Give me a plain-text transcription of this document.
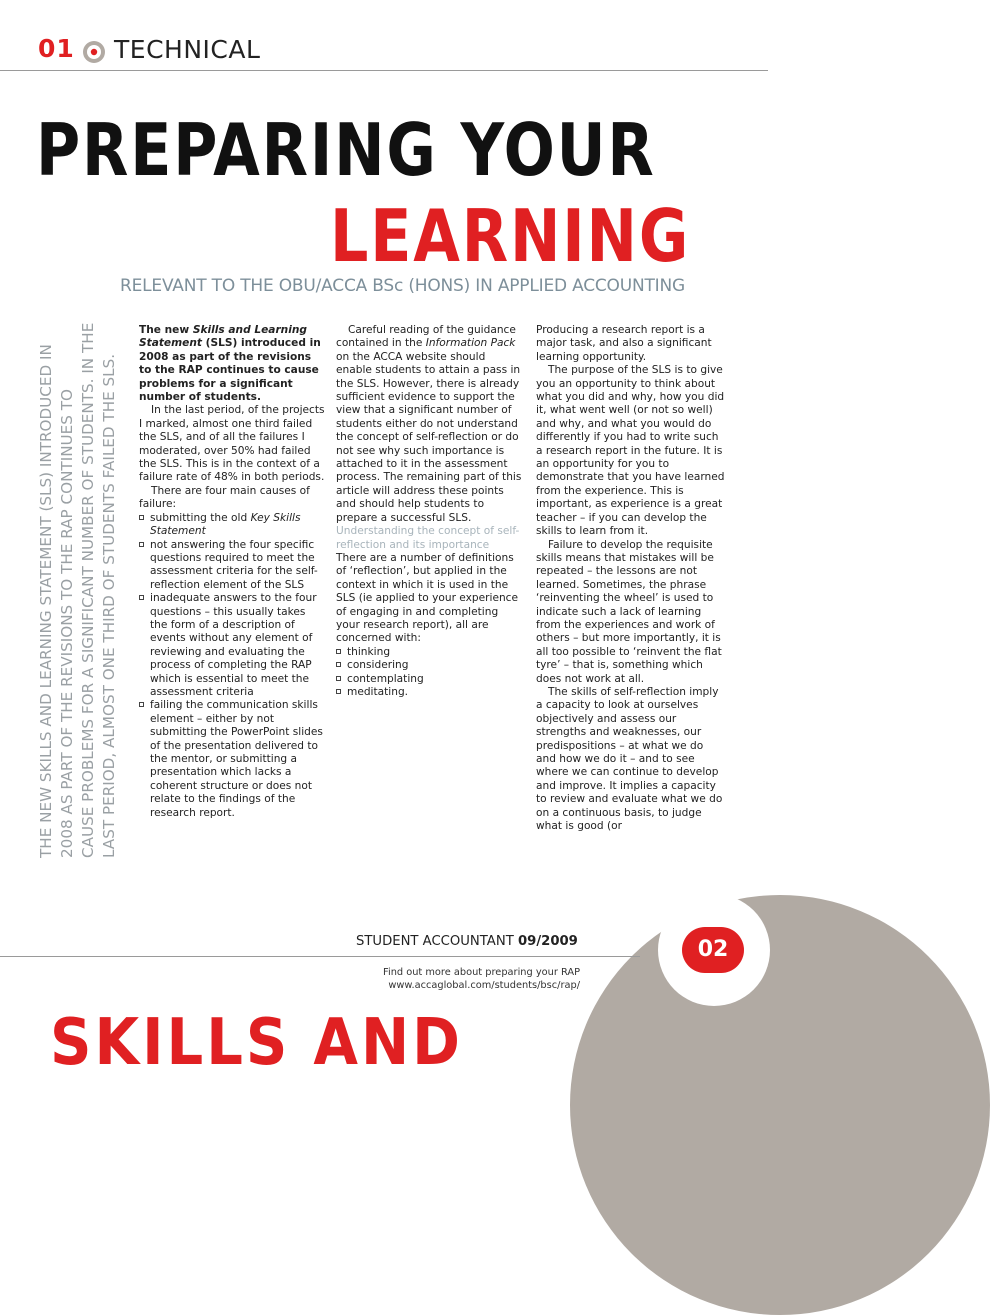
01 TECHNICAL
PREPARING YOUR
LEARNING
RELEVANT TO THE OBU/ACCA BSc (HONS) IN APPLIED ACCOUNTING
THE NEW SKILLS AND LEARNING STATEMENT (SLS) INTRODUCED IN 2008 AS PART OF THE REVISIONS TO THE RAP CONTINUES TO CAUSE PROBLEMS FOR A SIGNIFICANT NUMBER OF STUDENTS. IN THE LAST PERIOD, ALMOST ONE THIRD OF STUDENTS FAILED THE SLS.

The new Skills and Learning Statement (SLS) introduced in 2008 as part of the revisions to the RAP continues to cause problems for a significant number of students.

In the last period, of the projects I marked, almost one third failed the SLS, and of all the failures I moderated, over 50% had failed the SLS. This is in the context of a failure rate of 48% in both periods.

There are four main causes of failure:

submitting the old Key Skills Statement
not answering the four specific questions required to meet the assessment criteria for the self-reflection element of the SLS
inadequate answers to the four questions – this usually takes the form of a description of events without any element of reviewing and evaluating the process of completing the RAP which is essential to meet the assessment criteria
failing the communication skills element – either by not submitting the PowerPoint slides of the presentation delivered to the mentor, or submitting a presentation which lacks a coherent structure or does not relate to the findings of the research report.

Careful reading of the guidance contained in the Information Pack on the ACCA website should enable students to attain a pass in the SLS. However, there is already sufficient evidence to support the view that a significant number of students either do not understand the concept of self-reflection or do not see why such importance is attached to it in the assessment process. The remaining part of this article will address these points and should help students to prepare a successful SLS.

Understanding the concept of self-reflection and its importance

There are a number of definitions of ‘reflection’, but applied in the context in which it is used in the SLS (ie applied to your experience of engaging in and completing your research report), all are concerned with:

thinking
considering
contemplating
meditating.

Producing a research report is a major task, and also a significant learning opportunity.

The purpose of the SLS is to give you an opportunity to think about what you did and why, how you did it, what went well (or not so well) and why, and what you would do differently if you had to write such a research report in the future. It is an opportunity for you to demonstrate that you have learned from the experience. This is important, as experience is a great teacher – if you can develop the skills to learn from it.

Failure to develop the requisite skills means that mistakes will be repeated – the lessons are not learned. Sometimes, the phrase ‘reinventing the wheel’ is used to indicate such a lack of learning from the experiences and work of others – but more importantly, it is all too possible to ‘reinvent the flat tyre’ – that is, something which does not work at all.

The skills of self-reflection imply a capacity to look at ourselves objectively and assess our strengths and weaknesses, our predispositions – at what we do and how we do it – and to see where we can continue to develop and improve. It implies a capacity to review and evaluate what we do on a continuous basis, to judge what is good (or

02
STUDENT ACCOUNTANT 09/2009
Find out more about preparing your RAP
www.accaglobal.com/students/bsc/rap/
SKILLS AND
